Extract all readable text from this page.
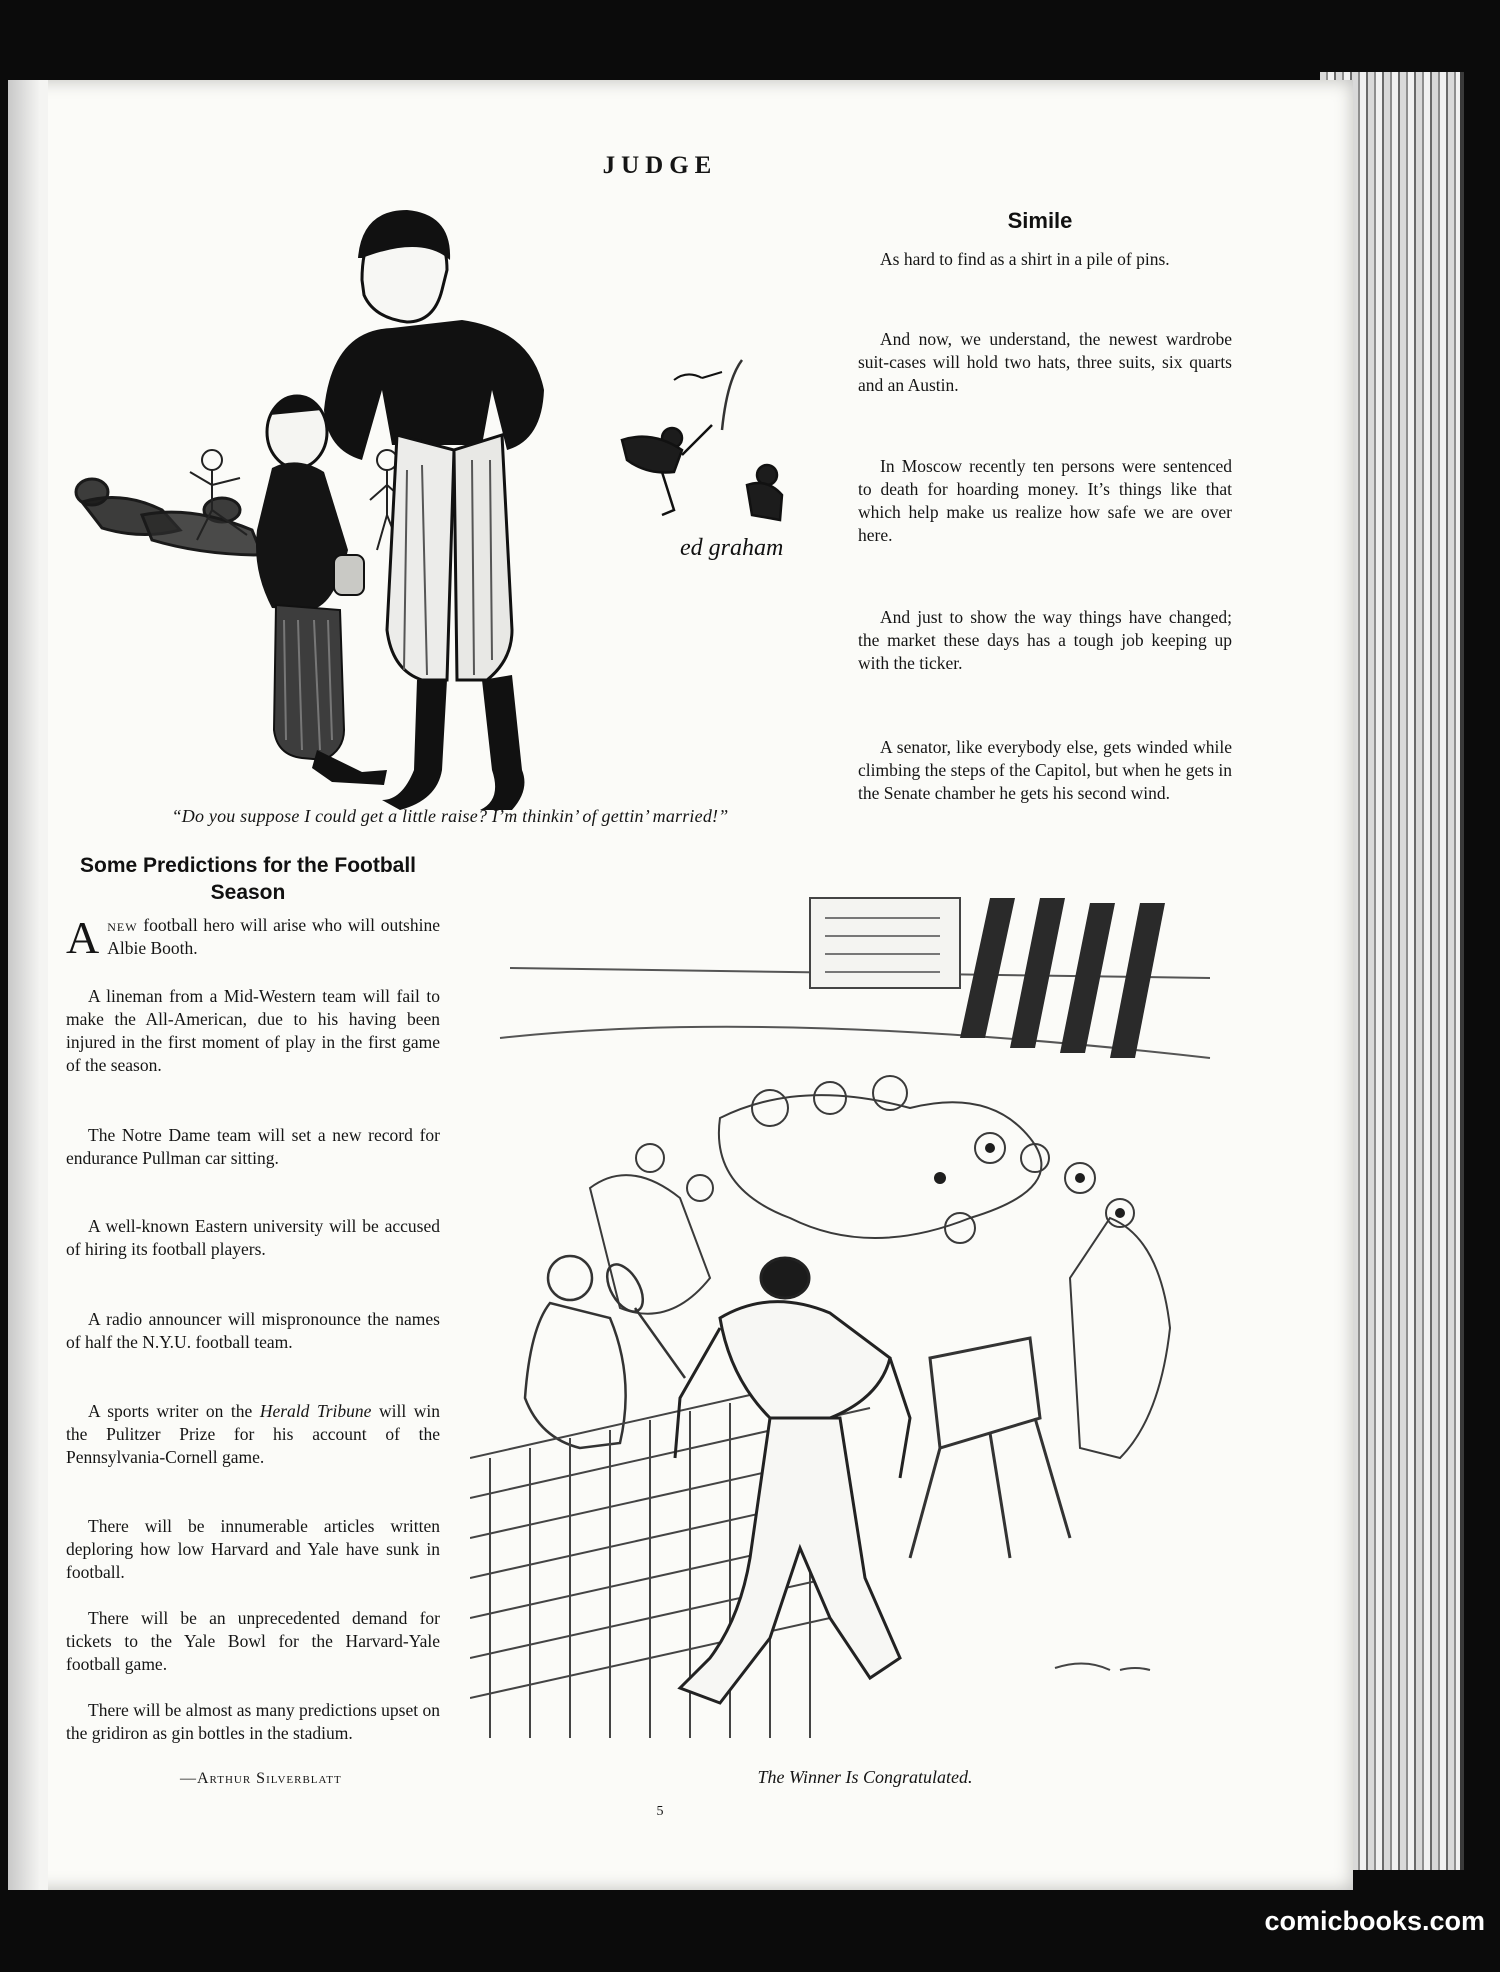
JUDGE
ed graham
“Do you suppose I could get a little raise? I’m thinkin’ of gettin’ married!”
Simile

As hard to find as a shirt in a pile of pins.

And now, we understand, the newest wardrobe suit-cases will hold two hats, three suits, six quarts and an Austin.

In Moscow recently ten persons were sentenced to death for hoarding money. It’s things like that which help make us realize how safe we are over here.

And just to show the way things have changed; the market these days has a tough job keeping up with the ticker.

A senator, like everybody else, gets winded while climbing the steps of the Capitol, but when he gets in the Senate chamber he gets his second wind.

Some Predictions for the Football Season
Anew football hero will arise who will outshine Albie Booth.

A lineman from a Mid-Western team will fail to make the All-American, due to his having been injured in the first moment of play in the first game of the season.

The Notre Dame team will set a new record for endurance Pullman car sitting.

A well-known Eastern university will be accused of hiring its football players.

A radio announcer will mispronounce the names of half the N.Y.U. football team.

A sports writer on the Herald Tribune will win the Pulitzer Prize for his account of the Pennsylvania-Cornell game.

There will be innumerable articles written deploring how low Harvard and Yale have sunk in football.

There will be an unprecedented demand for tickets to the Yale Bowl for the Harvard-Yale football game.

There will be almost as many predictions upset on the gridiron as gin bottles in the stadium.

—Arthur Silverblatt	The Winner Is Congratulated.
5
comicbooks.com
